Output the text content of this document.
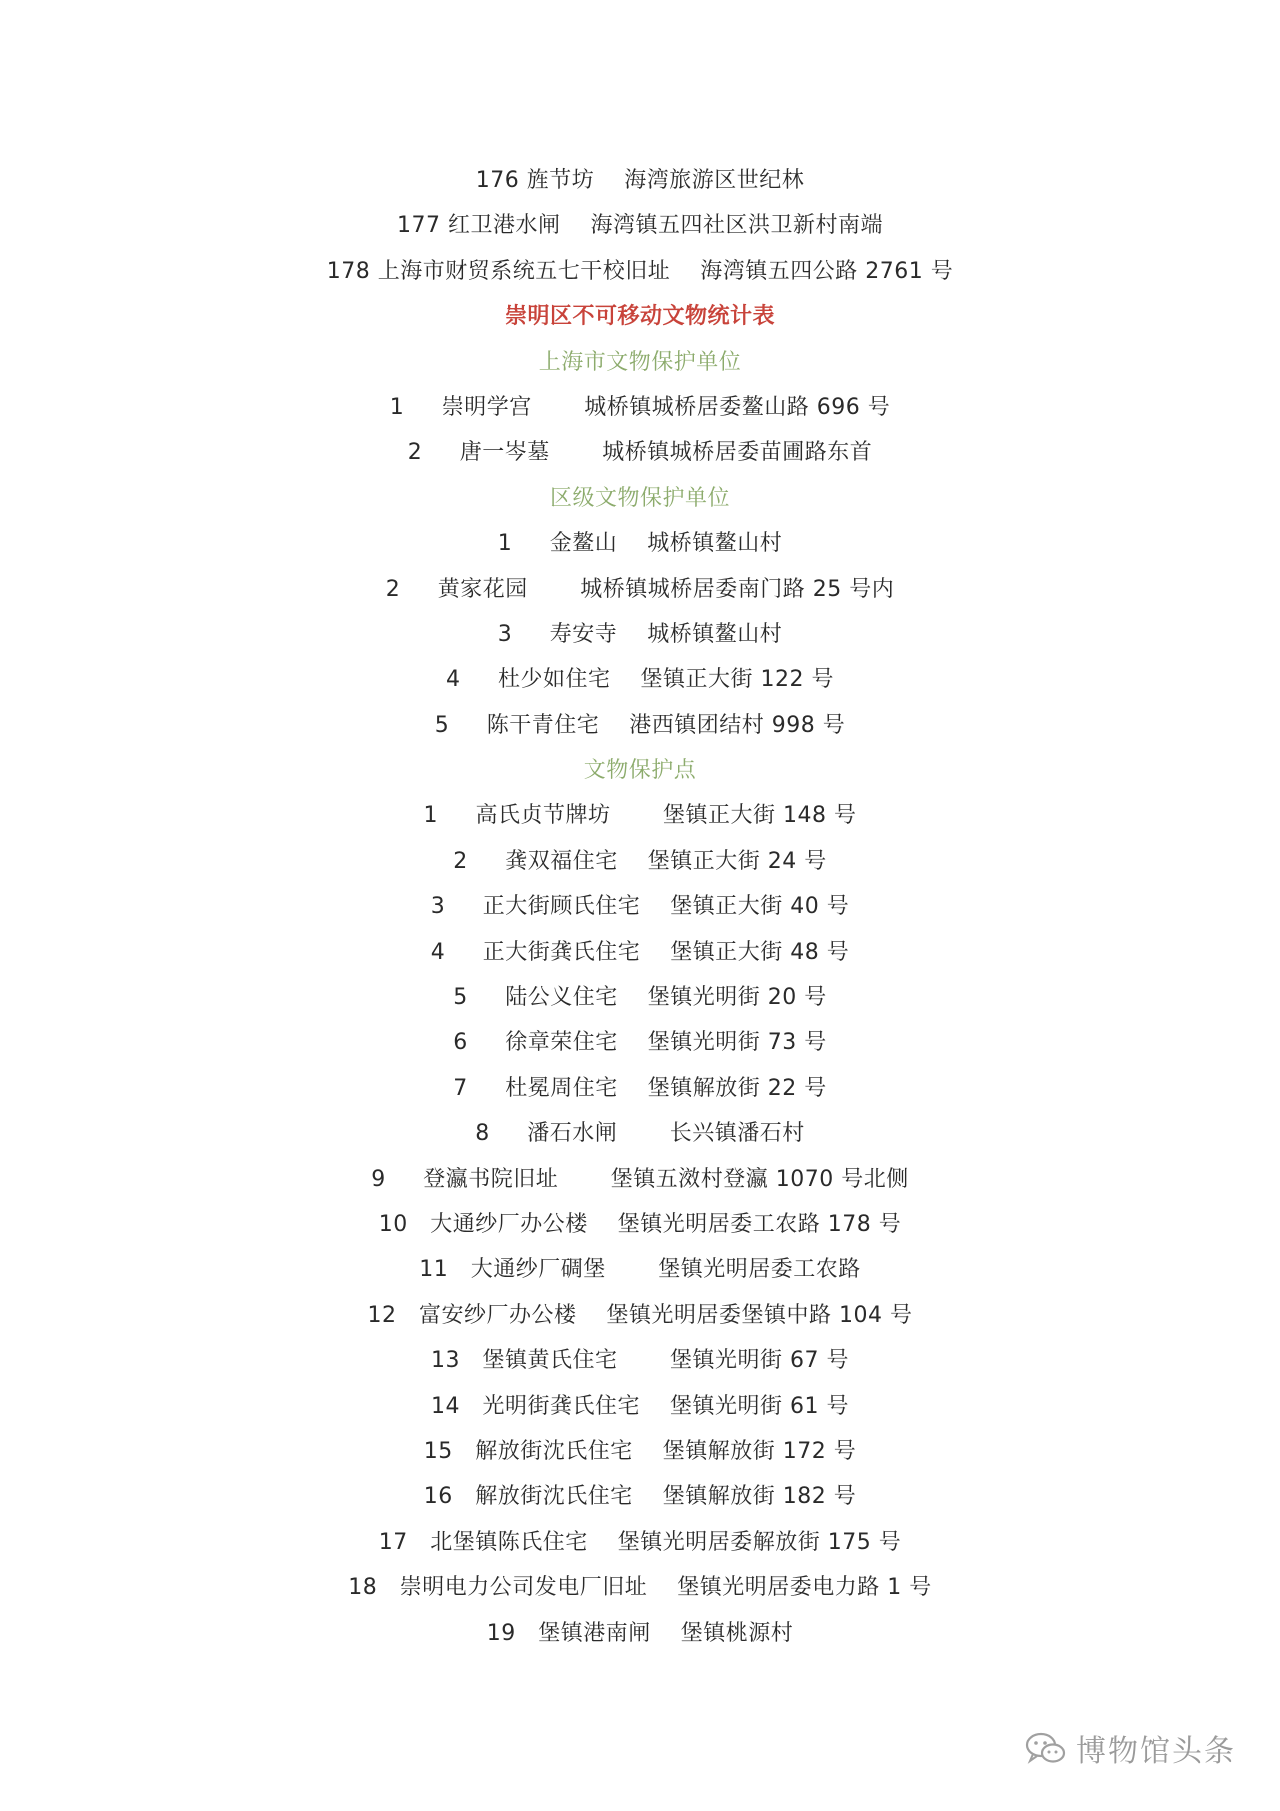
176 旌节坊    海湾旅游区世纪林
177 红卫港水闸    海湾镇五四社区洪卫新村南端
178 上海市财贸系统五七干校旧址    海湾镇五四公路 2761 号
崇明区不可移动文物统计表
上海市文物保护单位
1     崇明学宫       城桥镇城桥居委鳌山路 696 号
2     唐一岑墓       城桥镇城桥居委苗圃路东首
区级文物保护单位
1     金鳌山    城桥镇鳌山村
2     黄家花园       城桥镇城桥居委南门路 25 号内
3     寿安寺    城桥镇鳌山村
4     杜少如住宅    堡镇正大街 122 号
5     陈干青住宅    港西镇团结村 998 号
文物保护点
1     高氏贞节牌坊       堡镇正大街 148 号
2     龚双福住宅    堡镇正大街 24 号
3     正大街顾氏住宅    堡镇正大街 40 号
4     正大街龚氏住宅    堡镇正大街 48 号
5     陆公义住宅    堡镇光明街 20 号
6     徐章荣住宅    堡镇光明街 73 号
7     杜冕周住宅    堡镇解放街 22 号
8     潘石水闸       长兴镇潘石村
9     登瀛书院旧址       堡镇五滧村登瀛 1070 号北侧
10   大通纱厂办公楼    堡镇光明居委工农路 178 号
11   大通纱厂碉堡       堡镇光明居委工农路
12   富安纱厂办公楼    堡镇光明居委堡镇中路 104 号
13   堡镇黄氏住宅       堡镇光明街 67 号
14   光明街龚氏住宅    堡镇光明街 61 号
15   解放街沈氏住宅    堡镇解放街 172 号
16   解放街沈氏住宅    堡镇解放街 182 号
17   北堡镇陈氏住宅    堡镇光明居委解放街 175 号
18   崇明电力公司发电厂旧址    堡镇光明居委电力路 1 号
19   堡镇港南闸    堡镇桃源村
博物馆头条
